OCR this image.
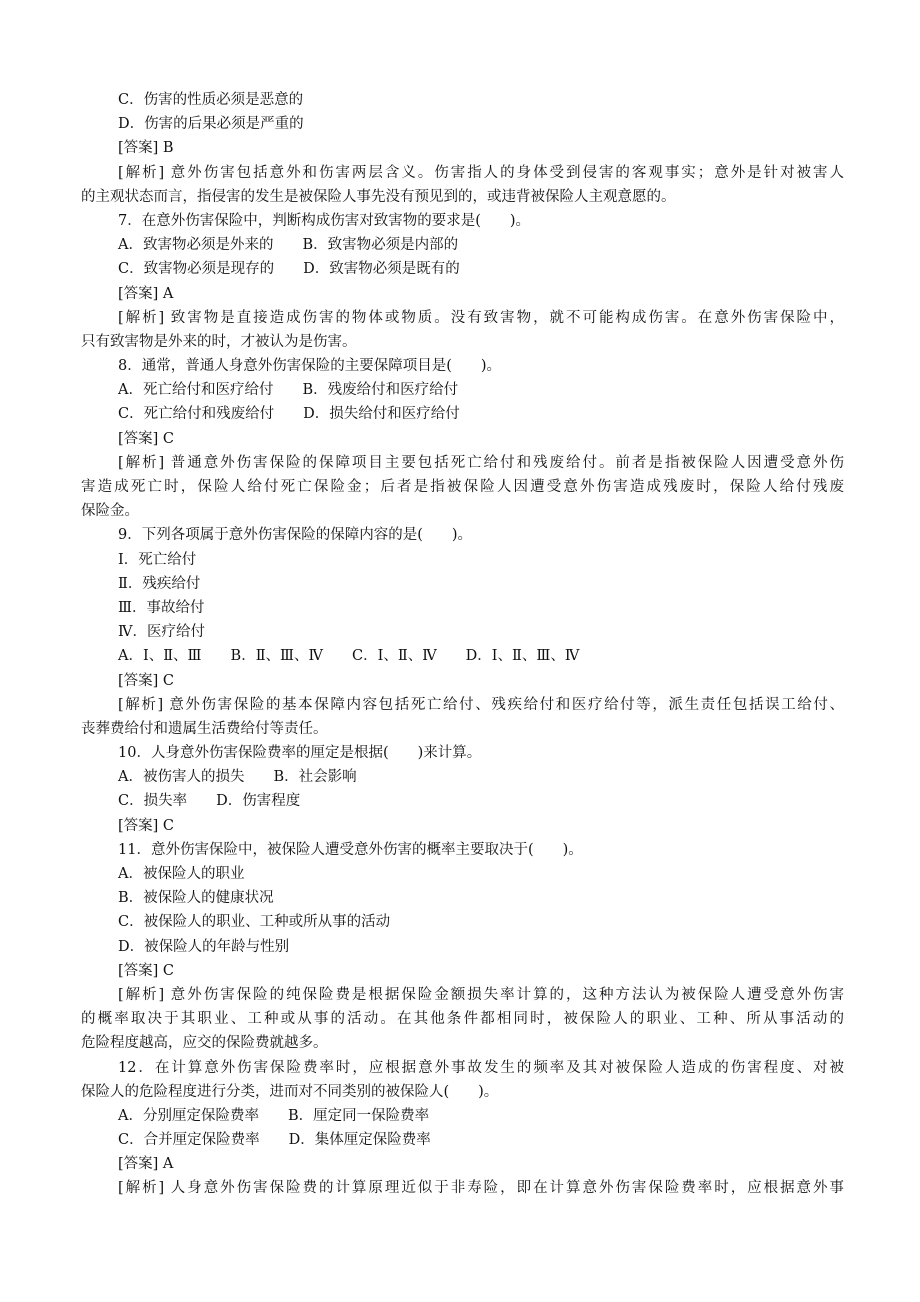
C．伤害的性质必须是恶意的
D．伤害的后果必须是严重的
[答案] B
[解析] 意外伤害包括意外和伤害两层含义。伤害指人的身体受到侵害的客观事实；意外是针对被害人
的主观状态而言，指侵害的发生是被保险人事先没有预见到的，或违背被保险人主观意愿的。
7．在意外伤害保险中，判断构成伤害对致害物的要求是(　　)。
A．致害物必须是外来的　　B．致害物必须是内部的
C．致害物必须是现存的　　D．致害物必须是既有的
[答案] A
[解析] 致害物是直接造成伤害的物体或物质。没有致害物，就不可能构成伤害。在意外伤害保险中，
只有致害物是外来的时，才被认为是伤害。
8．通常，普通人身意外伤害保险的主要保障项目是(　　)。
A．死亡给付和医疗给付　　B．残废给付和医疗给付
C．死亡给付和残废给付　　D．损失给付和医疗给付
[答案] C
[解析] 普通意外伤害保险的保障项目主要包括死亡给付和残废给付。前者是指被保险人因遭受意外伤
害造成死亡时，保险人给付死亡保险金；后者是指被保险人因遭受意外伤害造成残废时，保险人给付残废
保险金。
9．下列各项属于意外伤害保险的保障内容的是(　　)。
Ⅰ．死亡给付
Ⅱ．残疾给付
Ⅲ．事故给付
Ⅳ．医疗给付
A．Ⅰ、Ⅱ、Ⅲ　　B．Ⅱ、Ⅲ、Ⅳ　　C．Ⅰ、Ⅱ、Ⅳ　　D．Ⅰ、Ⅱ、Ⅲ、Ⅳ
[答案] C
[解析] 意外伤害保险的基本保障内容包括死亡给付、残疾给付和医疗给付等，派生责任包括误工给付、
丧葬费给付和遗属生活费给付等责任。
10．人身意外伤害保险费率的厘定是根据(　　)来计算。
A．被伤害人的损失　　B．社会影响
C．损失率　　D．伤害程度
[答案] C
11．意外伤害保险中，被保险人遭受意外伤害的概率主要取决于(　　)。
A．被保险人的职业
B．被保险人的健康状况
C．被保险人的职业、工种或所从事的活动
D．被保险人的年龄与性别
[答案] C
[解析] 意外伤害保险的纯保险费是根据保险金额损失率计算的，这种方法认为被保险人遭受意外伤害
的概率取决于其职业、工种或从事的活动。在其他条件都相同时，被保险人的职业、工种、所从事活动的
危险程度越高，应交的保险费就越多。
12．在计算意外伤害保险费率时，应根据意外事故发生的频率及其对被保险人造成的伤害程度、对被
保险人的危险程度进行分类，进而对不同类别的被保险人(　　)。
A．分别厘定保险费率　　B．厘定同一保险费率
C．合并厘定保险费率　　D．集体厘定保险费率
[答案] A
[解析] 人身意外伤害保险费的计算原理近似于非寿险，即在计算意外伤害保险费率时，应根据意外事
